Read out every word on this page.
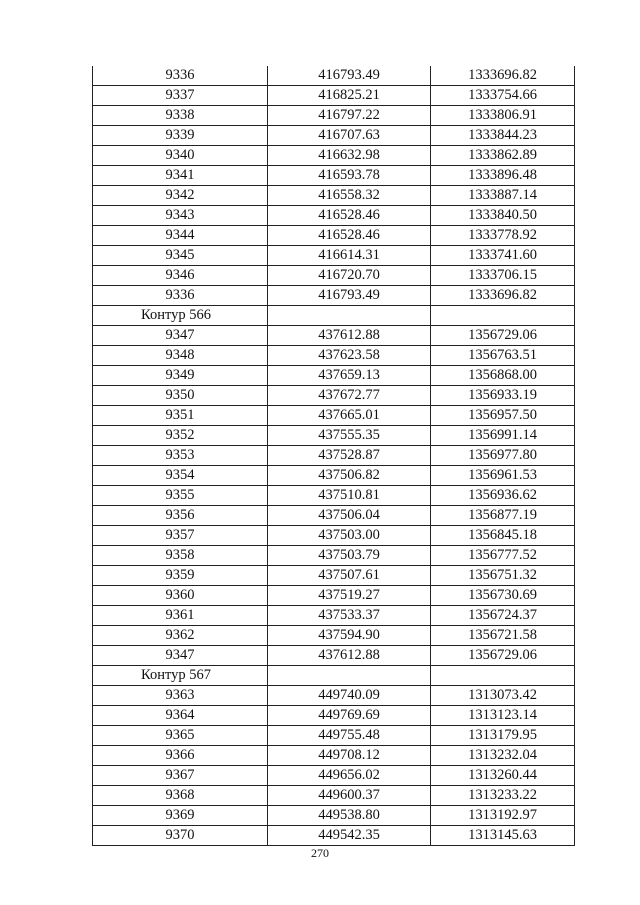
9336	416793.49	1333696.82
9337	416825.21	1333754.66
9338	416797.22	1333806.91
9339	416707.63	1333844.23
9340	416632.98	1333862.89
9341	416593.78	1333896.48
9342	416558.32	1333887.14
9343	416528.46	1333840.50
9344	416528.46	1333778.92
9345	416614.31	1333741.60
9346	416720.70	1333706.15
9336	416793.49	1333696.82
Контур 566		
9347	437612.88	1356729.06
9348	437623.58	1356763.51
9349	437659.13	1356868.00
9350	437672.77	1356933.19
9351	437665.01	1356957.50
9352	437555.35	1356991.14
9353	437528.87	1356977.80
9354	437506.82	1356961.53
9355	437510.81	1356936.62
9356	437506.04	1356877.19
9357	437503.00	1356845.18
9358	437503.79	1356777.52
9359	437507.61	1356751.32
9360	437519.27	1356730.69
9361	437533.37	1356724.37
9362	437594.90	1356721.58
9347	437612.88	1356729.06
Контур 567		
9363	449740.09	1313073.42
9364	449769.69	1313123.14
9365	449755.48	1313179.95
9366	449708.12	1313232.04
9367	449656.02	1313260.44
9368	449600.37	1313233.22
9369	449538.80	1313192.97
9370	449542.35	1313145.63
270
